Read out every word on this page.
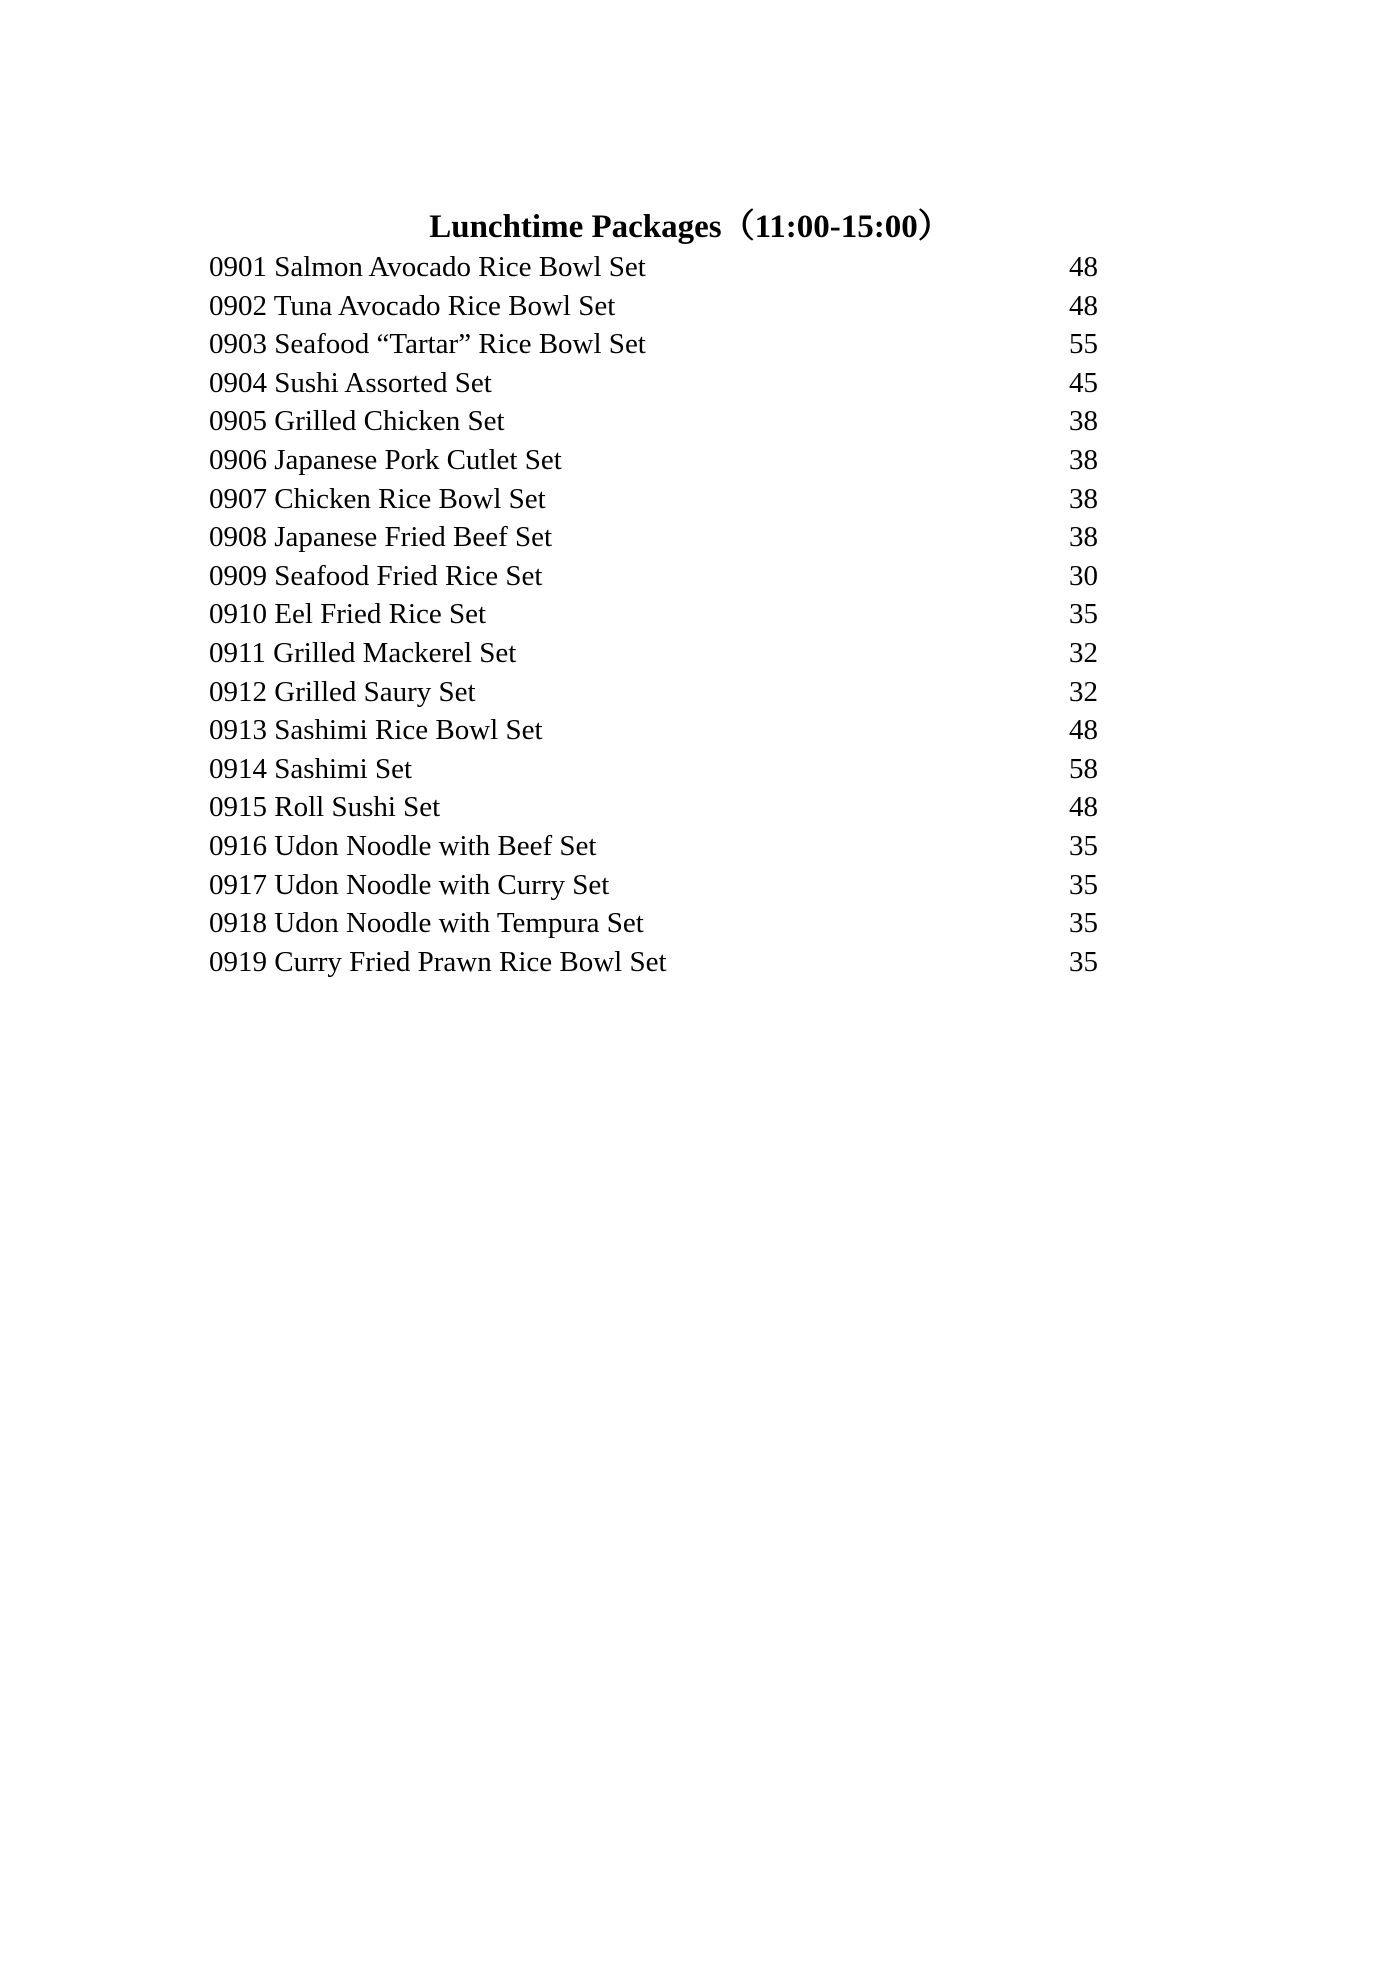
Lunchtime Packages（11:00-15:00）
0901 Salmon Avocado Rice Bowl Set	48
0902 Tuna Avocado Rice Bowl Set	48
0903 Seafood “Tartar” Rice Bowl Set	55
0904 Sushi Assorted Set	45
0905 Grilled Chicken Set	38
0906 Japanese Pork Cutlet Set	38
0907 Chicken Rice Bowl Set	38
0908 Japanese Fried Beef Set	38
0909 Seafood Fried Rice Set	30
0910 Eel Fried Rice Set	35
0911 Grilled Mackerel Set	32
0912 Grilled Saury Set	32
0913 Sashimi Rice Bowl Set	48
0914 Sashimi Set	58
0915 Roll Sushi Set	48
0916 Udon Noodle with Beef Set	35
0917 Udon Noodle with Curry Set	35
0918 Udon Noodle with Tempura Set	35
0919 Curry Fried Prawn Rice Bowl Set	35
